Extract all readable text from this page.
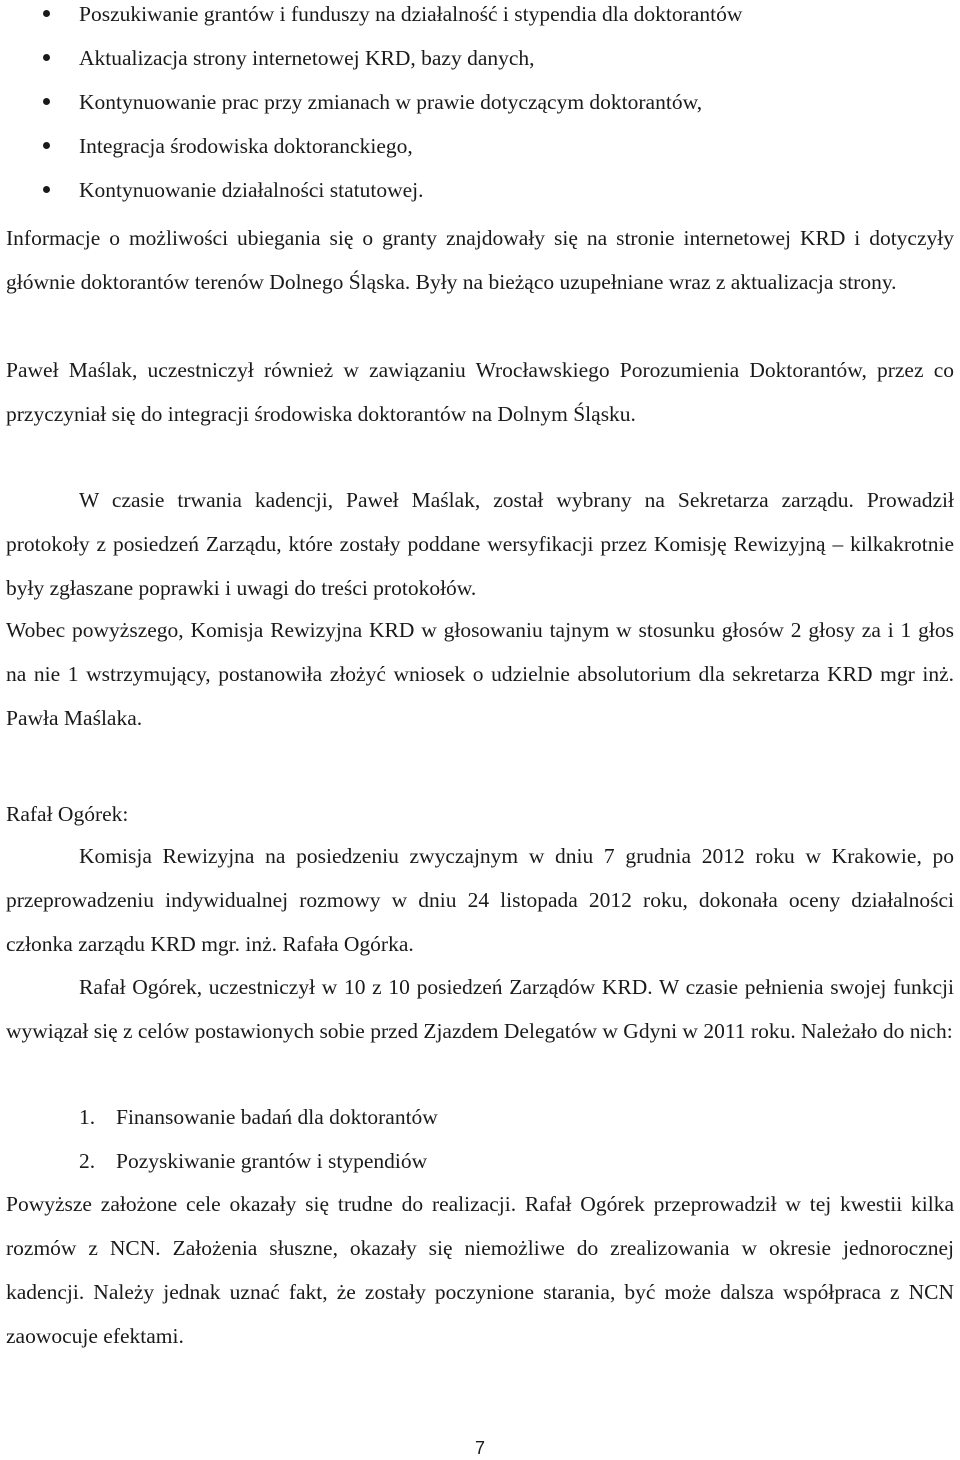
Poszukiwanie grantów i funduszy na działalność i stypendia dla doktorantów
Aktualizacja strony internetowej KRD, bazy danych,
Kontynuowanie prac przy zmianach w prawie dotyczącym doktorantów,
Integracja środowiska doktoranckiego,
Kontynuowanie działalności statutowej.

Informacje o możliwości ubiegania się o granty znajdowały się na stronie internetowej KRD i dotyczyły głównie doktorantów terenów Dolnego Śląska. Były na bieżąco uzupełniane wraz z aktualizacja strony.

Paweł Maślak, uczestniczył również w zawiązaniu Wrocławskiego Porozumienia Doktorantów, przez co przyczyniał się do integracji środowiska doktorantów na Dolnym Śląsku.

W czasie trwania kadencji, Paweł Maślak, został wybrany na Sekretarza zarządu. Prowadził protokoły z posiedzeń Zarządu, które zostały poddane wersyfikacji przez Komisję Rewizyjną – kilkakrotnie były zgłaszane poprawki i uwagi do treści protokołów.

Wobec powyższego, Komisja Rewizyjna KRD w głosowaniu tajnym w stosunku głosów 2 głosy za i 1 głos na nie 1 wstrzymujący, postanowiła złożyć wniosek o udzielnie absolutorium dla sekretarza KRD mgr inż. Pawła Maślaka.

Rafał Ogórek:

Komisja Rewizyjna na posiedzeniu zwyczajnym w dniu 7 grudnia 2012 roku w Krakowie, po przeprowadzeniu indywidualnej rozmowy w dniu 24 listopada 2012 roku, dokonała oceny działalności członka zarządu KRD mgr. inż. Rafała Ogórka.

Rafał Ogórek, uczestniczył w 10 z 10 posiedzeń Zarządów KRD. W czasie pełnienia swojej funkcji wywiązał się z celów postawionych sobie przed Zjazdem Delegatów w Gdyni w 2011 roku. Należało do nich:

1. Finansowanie badań dla doktorantów
2. Pozyskiwanie grantów i stypendiów

Powyższe założone cele okazały się trudne do realizacji. Rafał Ogórek przeprowadził w tej kwestii kilka rozmów z NCN. Założenia słuszne, okazały się niemożliwe do zrealizowania w okresie jednorocznej kadencji. Należy jednak uznać fakt, że zostały poczynione starania, być może dalsza współpraca z NCN zaowocuje efektami.

7
